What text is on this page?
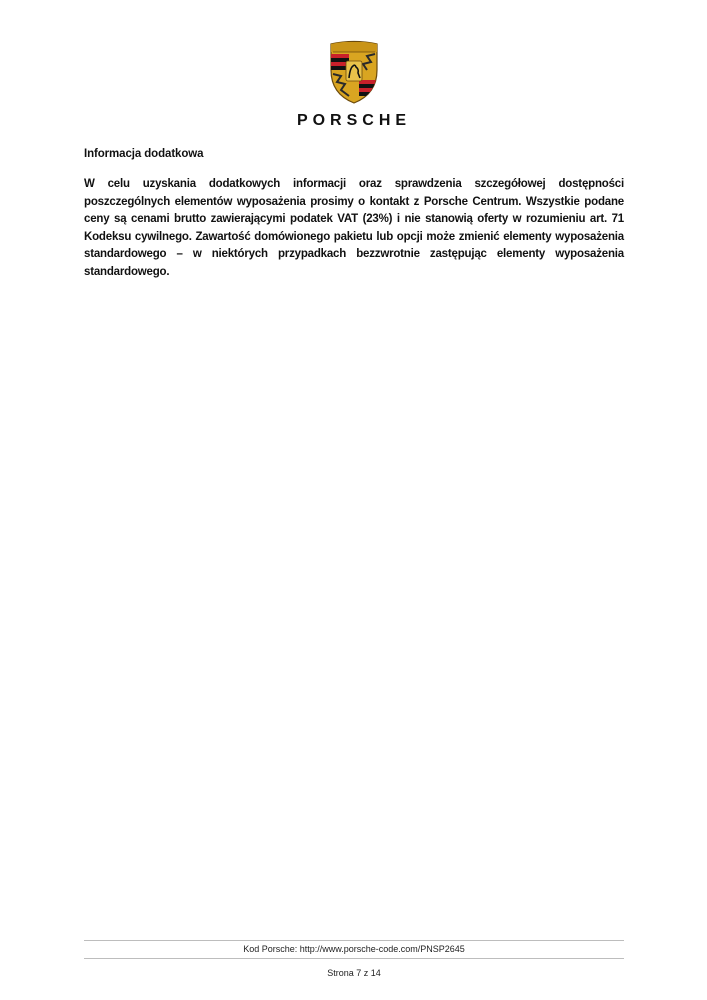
PORSCHE
Informacja dodatkowa

W celu uzyskania dodatkowych informacji oraz sprawdzenia szczegółowej dostępności poszczególnych elementów wyposażenia prosimy o kontakt z Porsche Centrum. Wszystkie podane ceny są cenami brutto zawierającymi podatek VAT (23%) i nie stanowią oferty w rozumieniu art. 71 Kodeksu cywilnego. Zawartość domówionego pakietu lub opcji może zmienić elementy wyposażenia standardowego – w niektórych przypadkach bezzwrotnie zastępując elementy wyposażenia standardowego.

Kod Porsche: http://www.porsche-code.com/PNSP2645
Strona 7 z 14
